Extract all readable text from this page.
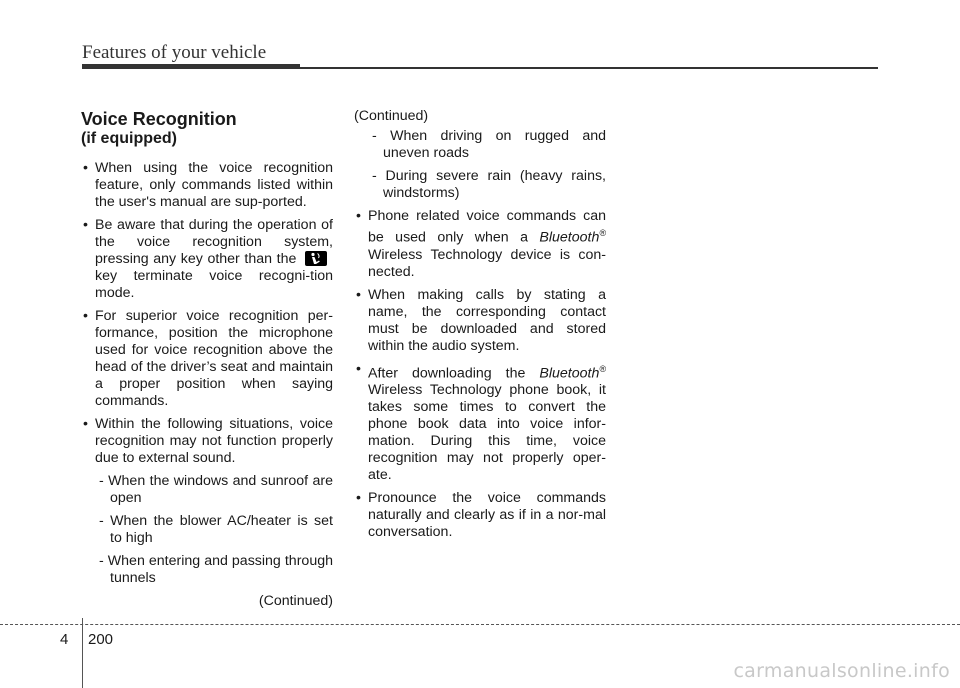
Features of your vehicle

Voice Recognition

(if equipped)

• When using the voice recognition feature, only commands listed within the user's manual are sup-ported.

• Be aware that during the operation of the voice recognition system, pressing any key other than the
key terminate voice recogni-tion mode.

• For superior voice recognition per-formance, position the microphone used for voice recognition above the head of the driver’s seat and maintain a proper position when saying commands.

• Within the following situations, voice recognition may not function properly due to external sound.

- When the windows and sunroof are open

- When the blower AC/heater is set to high

- When entering and passing through tunnels

(Continued)

(Continued)

- When driving on rugged and uneven roads

- During severe rain (heavy rains, windstorms)

• Phone related voice commands can be used only when a Bluetooth® Wireless Technology device is con-nected.

• When making calls by stating a name, the corresponding contact must be downloaded and stored within the audio system.

• After downloading the Bluetooth® Wireless Technology phone book, it takes some times to convert the phone book data into voice infor-mation. During this time, voice recognition may not properly oper-ate.

• Pronounce the voice commands naturally and clearly as if in a nor-mal conversation.

4 200
carmanualsonline.info
